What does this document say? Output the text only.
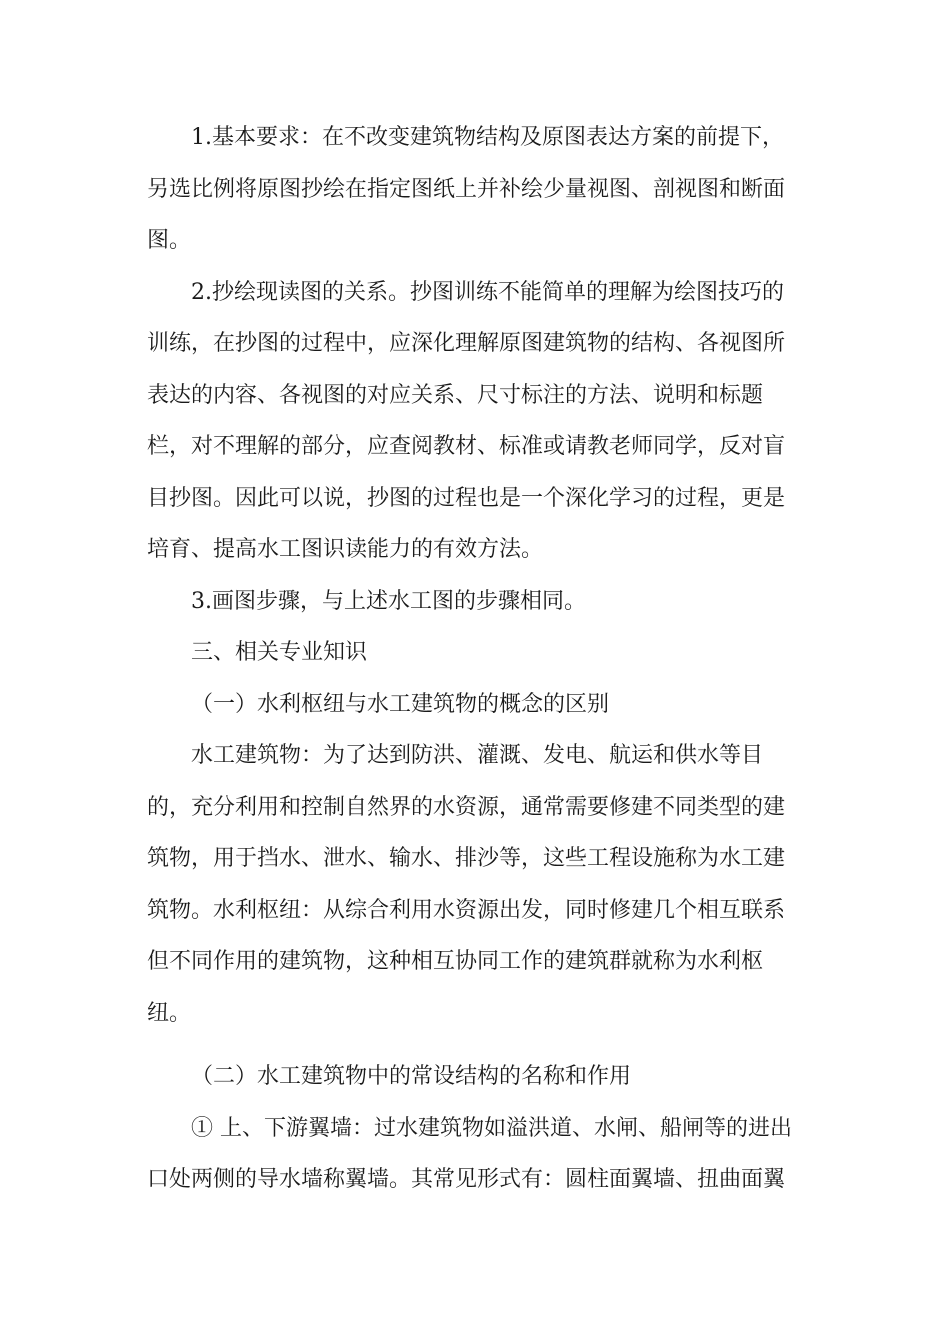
1.基本要求：在不改变建筑物结构及原图表达方案的前提下，
另选比例将原图抄绘在指定图纸上并补绘少量视图、剖视图和断面
图。

2.抄绘现读图的关系。抄图训练不能简单的理解为绘图技巧的
训练，在抄图的过程中，应深化理解原图建筑物的结构、各视图所
表达的内容、各视图的对应关系、尺寸标注的方法、说明和标题
栏，对不理解的部分，应查阅教材、标准或请教老师同学，反对盲
目抄图。因此可以说，抄图的过程也是一个深化学习的过程，更是
培育、提高水工图识读能力的有效方法。

3.画图步骤，与上述水工图的步骤相同。

三、相关专业知识

（一）水利枢纽与水工建筑物的概念的区别

水工建筑物：为了达到防洪、灌溉、发电、航运和供水等目
的，充分利用和控制自然界的水资源，通常需要修建不同类型的建
筑物，用于挡水、泄水、输水、排沙等，这些工程设施称为水工建
筑物。水利枢纽：从综合利用水资源出发，同时修建几个相互联系
但不同作用的建筑物，这种相互协同工作的建筑群就称为水利枢
纽。

（二）水工建筑物中的常设结构的名称和作用

① 上、下游翼墙：过水建筑物如溢洪道、水闸、船闸等的进出
口处两侧的导水墙称翼墙。其常见形式有：圆柱面翼墙、扭曲面翼
